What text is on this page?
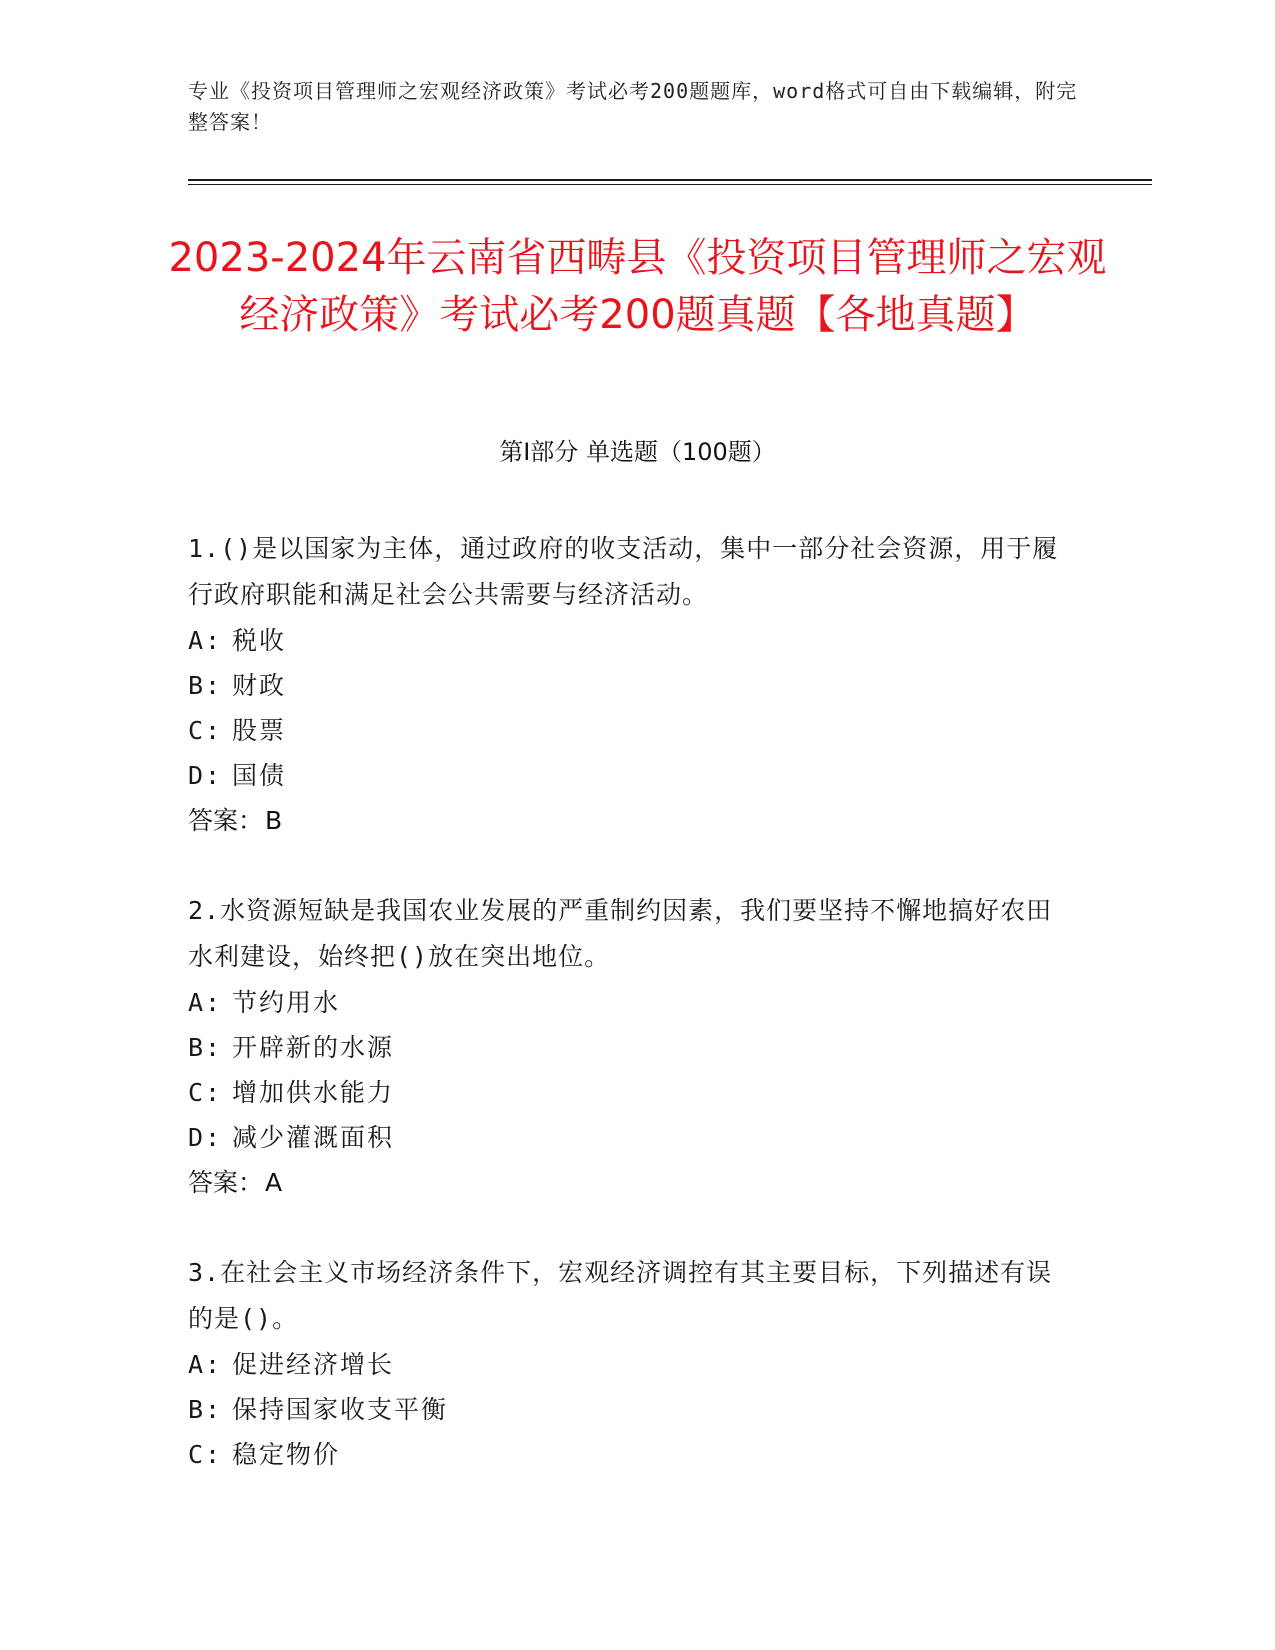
专业《投资项目管理师之宏观经济政策》考试必考200题题库，word格式可自由下载编辑，附完整答案！
2023-2024年云南省西畴县《投资项目管理师之宏观经济政策》考试必考200题真题【各地真题】
第I部分 单选题（100题）

1.()是以国家为主体，通过政府的收支活动，集中一部分社会资源，用于履行政府职能和满足社会公共需要与经济活动。

A: 税收
B: 财政
C: 股票
D: 国债
答案：B

2.水资源短缺是我国农业发展的严重制约因素，我们要坚持不懈地搞好农田水利建设，始终把()放在突出地位。

A: 节约用水
B: 开辟新的水源
C: 增加供水能力
D: 减少灌溉面积
答案：A

3.在社会主义市场经济条件下，宏观经济调控有其主要目标，下列描述有误的是()。

A: 促进经济增长
B: 保持国家收支平衡
C: 稳定物价
